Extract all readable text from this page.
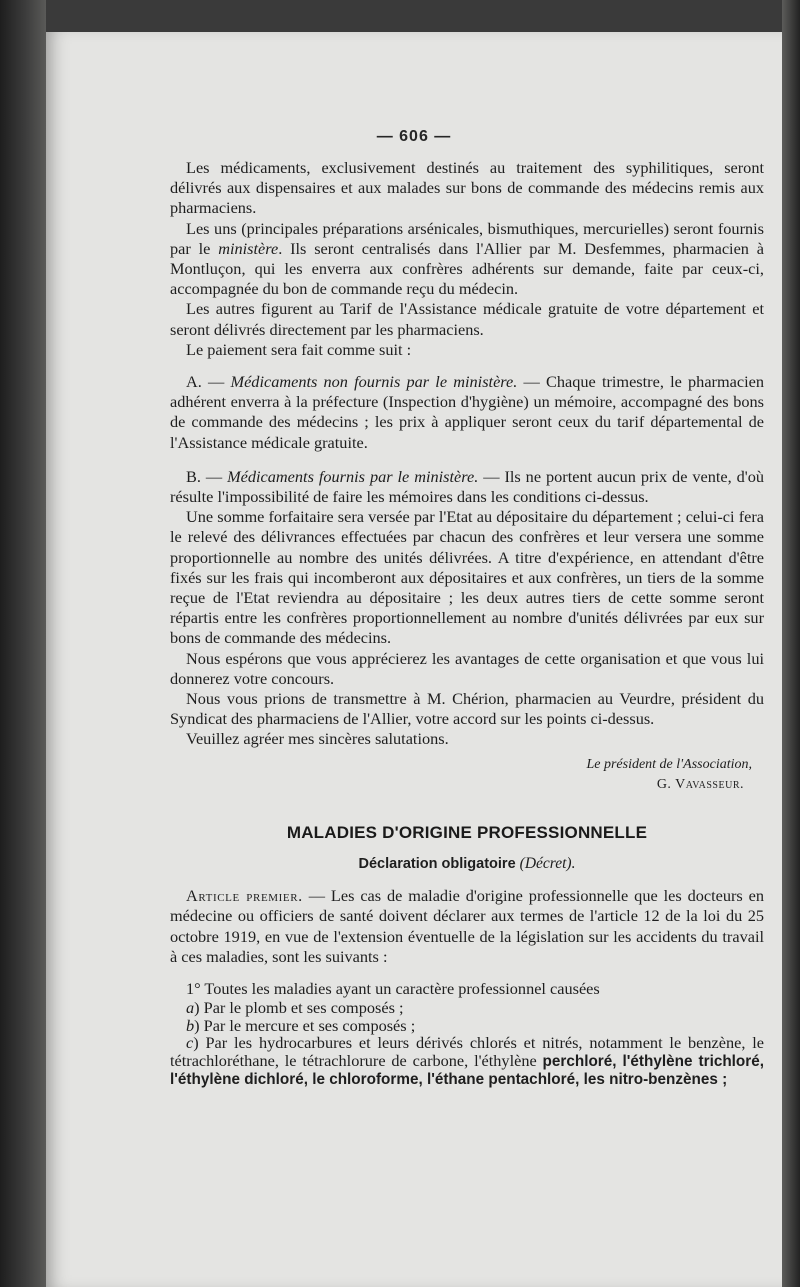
— 606 —

Les médicaments, exclusivement destinés au traitement des syphilitiques, seront délivrés aux dispensaires et aux malades sur bons de commande des médecins remis aux pharmaciens.

Les uns (principales préparations arsénicales, bismuthiques, mercurielles) seront fournis par le ministère. Ils seront centralisés dans l'Allier par M. Desfemmes, pharmacien à Montluçon, qui les enverra aux confrères adhérents sur demande, faite par ceux-ci, accompagnée du bon de commande reçu du médecin.

Les autres figurent au Tarif de l'Assistance médicale gratuite de votre département et seront délivrés directement par les pharmaciens.

Le paiement sera fait comme suit :

A. — Médicaments non fournis par le ministère. — Chaque trimestre, le pharmacien adhérent enverra à la préfecture (Inspection d'hygiène) un mémoire, accompagné des bons de commande des médecins ; les prix à appliquer seront ceux du tarif départemental de l'Assistance médicale gratuite.

B. — Médicaments fournis par le ministère. — Ils ne portent aucun prix de vente, d'où résulte l'impossibilité de faire les mémoires dans les conditions ci-dessus.

Une somme forfaitaire sera versée par l'Etat au dépositaire du département ; celui-ci fera le relevé des délivrances effectuées par chacun des confrères et leur versera une somme proportionnelle au nombre des unités délivrées. A titre d'expérience, en attendant d'être fixés sur les frais qui incomberont aux dépositaires et aux confrères, un tiers de la somme reçue de l'Etat reviendra au dépositaire ; les deux autres tiers de cette somme seront répartis entre les confrères proportionnellement au nombre d'unités délivrées par eux sur bons de commande des médecins.

Nous espérons que vous apprécierez les avantages de cette organisation et que vous lui donnerez votre concours.

Nous vous prions de transmettre à M. Chérion, pharmacien au Veurdre, président du Syndicat des pharmaciens de l'Allier, votre accord sur les points ci-dessus.

Veuillez agréer mes sincères salutations.

Le président de l'Association,
G. Vavasseur.
MALADIES D'ORIGINE PROFESSIONNELLE
Déclaration obligatoire (Décret).

Article premier. — Les cas de maladie d'origine professionnelle que les docteurs en médecine ou officiers de santé doivent déclarer aux termes de l'article 12 de la loi du 25 octobre 1919, en vue de l'extension éventuelle de la législation sur les accidents du travail à ces maladies, sont les suivants :

1° Toutes les maladies ayant un caractère professionnel causées

a) Par le plomb et ses composés ;

b) Par le mercure et ses composés ;

c) Par les hydrocarbures et leurs dérivés chlorés et nitrés, notamment le benzène, le tétrachloréthane, le tétrachlorure de carbone, l'éthylène perchloré, l'éthylène trichloré, l'éthylène dichloré, le chloroforme, l'éthane pentachloré, les nitro-benzènes ;
